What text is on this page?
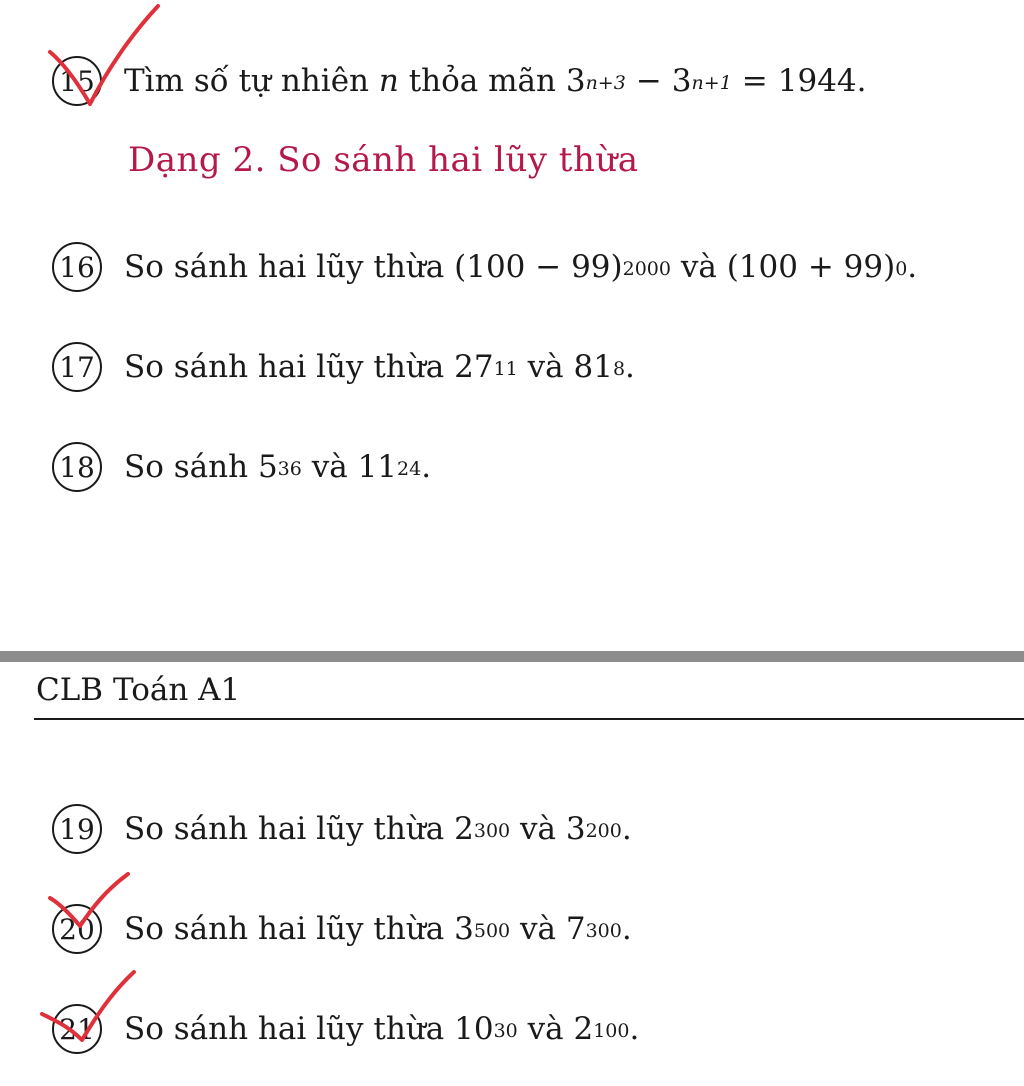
15 Tìm số tự nhiên
n
thỏa mãn
$3^{n+3} - 3^{n+1} = 1944$.
Dạng 2. So sánh hai lũy thừa
16 So sánh hai lũy thừa
$(100 - 99)^{2000}$
và
$(100 + 99)^0$ .
17 So sánh hai lũy thừa
$27^{11}$
và
$81^8$ .
18 So sánh
$5^{36}$
và
$11^{24}$ .
CLB Toán A1
19 So sánh hai lũy thừa
$2^{300}$
và
$3^{200}$ .
20 So sánh hai lũy thừa
$3^{500}$
và
$7^{300}$ .
21 So sánh hai lũy thừa
$10^{30}$
và
$2^{100}$ .
